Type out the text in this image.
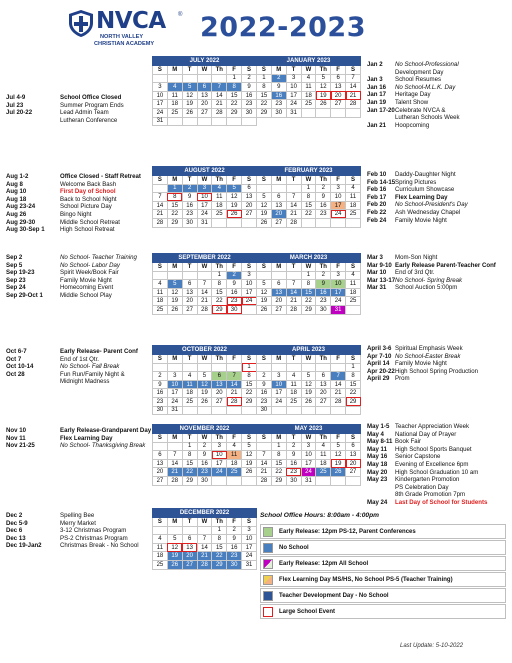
NVCA ®
NORTH VALLEY
CHRISTIAN ACADEMY
2022-2023
Jul 4-9	School Office Closed
Jul 23	Summer Program Ends
Jul 20-22	Lead Admin Team
Lutheran Conference
Aug 1-2	Office Closed - Staff Retreat
Aug 8	Welcome Back Bash
Aug 10	First Day of School
Aug 18	Back to School Night
Aug 23-24	School Picture Day
Aug 26	Bingo Night
Aug 29-30	Middle School Retreat
Aug 30-Sep 1	High School Retreat
Sep 2	No School- Teacher Training
Sep 5	No School- Labor Day
Sep 19-23	Spirit Week/Book Fair
Sep 23	Family Movie Night
Sep 24	Homecoming Event
Sep 29-Oct 1	Middle School Play
Oct 6-7	Early Release- Parent Conf
Oct 7	End of 1st Qtr.
Oct 10-14	No School- Fall Break
Oct 28	Fun Run/Family Night &
Midnight Madness
Nov 10	Early Release-Grandparent Day
Nov 11	Flex Learning Day
Nov 21-25	No School- Thanksgiving Break
Dec 2	Spelling Bee
Dec 5-9	Merry Market
Dec 6	3-12 Christmas Program
Dec 13	PS-2 Christmas Program
Dec 19-Jan2	Christmas Break - No School
Jan 2	No School-Professional
Development Day
Jan 3	School Resumes
Jan 16	No School-M.L.K. Day
Jan 17	Heritage Day
Jan 19	Talent Show
Jan 17-20 Celebrate NVCA &
Lutheran Schools Week
Jan 21	Hoopcoming
Feb 10	Daddy-Daughter Night
Feb 14-15 Spring Pictures
Feb 16	Curriculum Showcase
Feb 17	Flex Learning Day
Feb 20	No School-President's Day
Feb 22	Ash Wednesday Chapel
Feb 24	Family Movie Night
Mar 3	Mom-Son Night
Mar 9-10 Early Release Parent-Teacher Conf
Mar 10	End of 3rd Qtr.
Mar 13-17 No School- Spring Break
Mar 31	School Auction 5:00pm
April 3-6 Spiritual Emphasis Week
Apr 7-10 No School-Easter Break
April 14 Family Movie Night
Apr 20-22 High School Spring Production
April 29 Prom
May 1-5 Teacher Appreciation Week
May 4	National Day of Prayer
May 8-11 Book Fair
May 11	High School Sports Banquet
May 16	Senior Capstone
May 18	Evening of Excellence 6pm
May 20	High School Graduation 10 am
May 23	Kindergarten Promotion
PS Celebration Day
8th Grade Promotion 7pm
May 24	Last Day of School for Students
JULY 2022						
S	M	T	W	Th	F	S
					1	2
3	4	5	6	7	8	9
10	11	12	13	14	15	16
17	18	19	20	21	22	23
24	25	26	27	28	29	30
31						
AUGUST 2022						
S	M	T	W	Th	F	S
	1	2	3	4	5	6
7	8	9	10	11	12	13
14	15	16	17	18	19	20
21	22	23	24	25	26	27
28	29	30	31			
SEPTEMBER 2022						
S	M	T	W	Th	F	S
				1	2	3
4	5	6	7	8	9	10
11	12	13	14	15	16	17
18	19	20	21	22	23	24
25	26	27	28	29	30	
OCTOBER 2022						
S	M	T	W	Th	F	S
						1
2	3	4	5	6	7	8
9	10	11	12	13	14	15
16	17	18	19	20	21	22
23	24	25	26	27	28	29
30	31					
NOVEMBER 2022						
S	M	T	W	Th	F	S
		1	2	3	4	5
6	7	8	9	10	11	12
13	14	15	16	17	18	19
20	21	22	23	24	25	26
27	28	29	30			
DECEMBER 2022						
S	M	T	W	Th	F	S
				1	2	3
4	5	6	7	8	9	10
11	12	13	14	15	16	17
18	19	20	21	22	23	24
25	26	27	28	29	30	31
JANUARY 2023						
S	M	T	W	Th	F	S
1	2	3	4	5	6	7
8	9	10	11	12	13	14
15	16	17	18	19	20	21
22	23	24	25	26	27	28
29	30	31				
FEBRUARY 2023						
S	M	T	W	Th	F	S
			1	2	3	4
5	6	7	8	9	10	11
12	13	14	15	16	17	18
19	20	21	22	23	24	25
26	27	28				
MARCH 2023						
S	M	T	W	Th	F	S
			1	2	3	4
5	6	7	8	9	10	11
12	13	14	15	16	17	18
19	20	21	22	23	24	25
26	27	28	29	30	31	
APRIL 2023						
S	M	T	W	Th	F	S
						1
2	3	4	5	6	7	8
9	10	11	12	13	14	15
16	17	18	19	20	21	22
23	24	25	26	27	28	29
30						
MAY 2023						
S	M	T	W	Th	F	S
	1	2	3	4	5	6
7	8	9	10	11	12	13
14	15	16	17	18	19	20
21	22	23	24	25	26	27
28	29	30	31			
School Office Hours: 8:00am - 4:00pm
Early Release: 12pm PS-12, Parent Conferences
No School
Early Release: 12pm All School
Flex Learning Day MS/HS, No School PS-5 (Teacher Training)
Teacher Development Day - No School
Large School Event
Last Update: 5-10-2022
